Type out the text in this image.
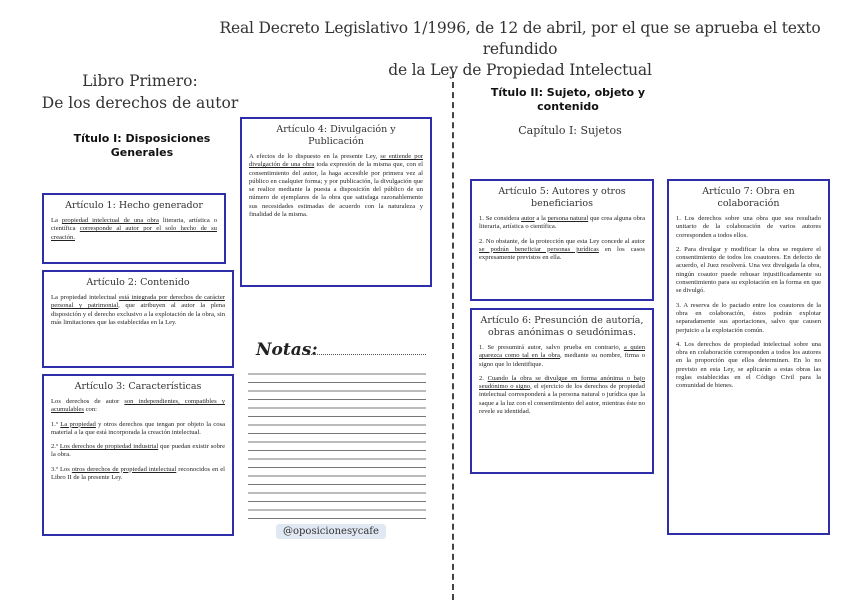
Real Decreto Legislativo 1/1996, de 12 de abril, por el que se aprueba el texto refundido
de la Ley de Propiedad Intelectual
Libro Primero:
De los derechos de autor
Título I: Disposiciones Generales
Título II: Sujeto, objeto y contenido
Capítulo I: Sujetos
Artículo 1: Hecho generador

La propiedad intelectual de una obra literaria, artística o científica corresponde al autor por el solo hecho de su creación.

Artículo 2: Contenido

La propiedad intelectual está integrada por derechos de carácter personal y patrimonial, que atribuyen al autor la plena disposición y el derecho exclusivo a la explotación de la obra, sin más limitaciones que las establecidas en la Ley.

Artículo 3: Características

Los derechos de autor son independientes, compatibles y acumulables con:

1.º La propiedad y otros derechos que tengan por objeto la cosa material a la que está incorporada la creación intelectual.

2.º Los derechos de propiedad industrial que puedan existir sobre la obra.

3.º Los otros derechos de propiedad intelectual reconocidos en el Libro II de la presente Ley.

Artículo 4: Divulgación y Publicación

A efectos de lo dispuesto en la presente Ley, se entiende por divulgación de una obra toda expresión de la misma que, con el consentimiento del autor, la haga accesible por primera vez al público en cualquier forma; y por publicación, la divulgación que se realice mediante la puesta a disposición del público de un número de ejemplares de la obra que satisfaga razonablemente sus necesidades estimadas de acuerdo con la naturaleza y finalidad de la misma.

Notas:
@oposicionesycafe
Artículo 5: Autores y otros beneficiarios

1. Se considera autor a la persona natural que crea alguna obra literaria, artística o científica.

2. No obstante, de la protección que esta Ley concede al autor se podrán beneficiar personas jurídicas en los casos expresamente previstos en ella.

Artículo 6: Presunción de autoría, obras anónimas o seudónimas.

1. Se presumirá autor, salvo prueba en contrario, a quien aparezca como tal en la obra, mediante su nombre, firma o signo que lo identifique.

2. Cuando la obra se divulgue en forma anónima o bajo seudónimo o signo, el ejercicio de los derechos de propiedad intelectual corresponderá a la persona natural o jurídica que la saque a la luz con el consentimiento del autor, mientras éste no revele su identidad.

Artículo 7: Obra en colaboración

1. Los derechos sobre una obra que sea resultado unitario de la colaboración de varios autores corresponden a todos ellos.

2. Para divulgar y modificar la obra se requiere el consentimiento de todos los coautores. En defecto de acuerdo, el Juez resolverá. Una vez divulgada la obra, ningún coautor puede rehusar injustificadamente su consentimiento para su explotación en la forma en que se divulgó.

3. A reserva de lo pactado entre los coautores de la obra en colaboración, éstos podrán explotar separadamente sus aportaciones, salvo que causen perjuicio a la explotación común.

4. Los derechos de propiedad intelectual sobre una obra en colaboración corresponden a todos los autores en la proporción que ellos determinen. En lo no previsto en esta Ley, se aplicarán a estas obras las reglas establecidas en el Código Civil para la comunidad de bienes.
